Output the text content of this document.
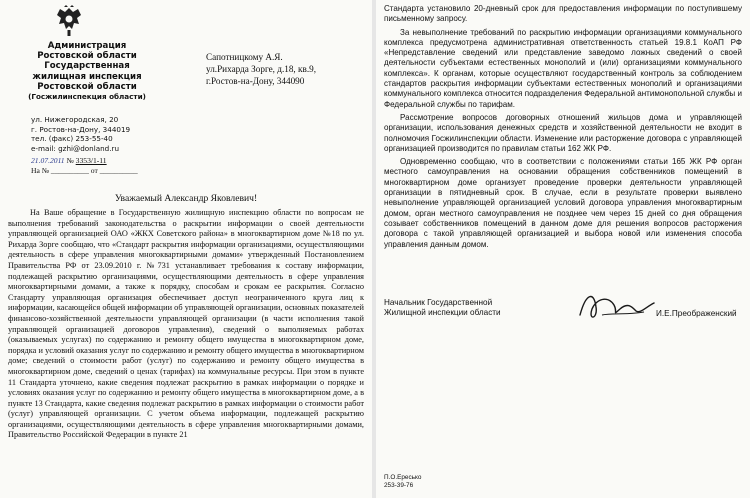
Администрация
Ростовской области
Государственная
жилищная инспекция
Ростовской области
(Госжилинспекция области)
ул. Нижегородская, 20
г. Ростов-на-Дону, 344019
тел. (факс) 253-55-40
e-mail: gzhi@donland.ru
21.07.2011 № 3353/1-11
На № __________ от __________
Сапотницкому А.Я.
ул.Рихарда Зорге, д.18, кв.9,
г.Ростов-на-Дону, 344090
Уважаемый Александр Яковлевич!
На Ваше обращение в Государственную жилищную инспекцию области по вопросам не выполнения требований законодательства о раскрытии информации о своей деятельности управляющей организацией ОАО «ЖКХ Советского района» в многоквартирном доме №18 по ул. Рихарда Зорге сообщаю, что «Стандарт раскрытия информации организациями, осуществляющими деятельность в сфере управления многоквартирными домами» утвержденный Постановлением Правительства РФ от 23.09.2010 г. №731 устанавливает требования к составу информации, подлежащей раскрытию организациями, осуществляющими деятельность в сфере управления многоквартирными домами, а также к порядку, способам и срокам ее раскрытия. Согласно Стандарту управляющая организация обеспечивает доступ неограниченного круга лиц к информации, касающейся общей информации об управляющей организации, основных показателей финансово-хозяйственной деятельности управляющей организации (в части исполнения такой управляющей организацией договоров управления), сведений о выполняемых работах (оказываемых услугах) по содержанию и ремонту общего имущества в многоквартирном доме, порядка и условий оказания услуг по содержанию и ремонту общего имущества в многоквартирном доме; сведений о стоимости работ (услуг) по содержанию и ремонту общего имущества в многоквартирном доме, сведений о ценах (тарифах) на коммунальные ресурсы. При этом в пункте 11 Стандарта уточнено, какие сведения подлежат раскрытию в рамках информации о порядке и условиях оказания услуг по содержанию и ремонту общего имущества в многоквартирном доме, а в пункте 13 Стандарта, какие сведения подлежат раскрытию в рамках информации о стоимости работ (услуг) управляющей организации. С учетом объема информации, подлежащей раскрытию организациями, осуществляющими деятельность в сфере управления многоквартирными домами, Правительство Российской Федерации в пункте 21

Стандарта установило 20-дневный срок для предоставления информации по поступившему письменному запросу.

За невыполнение требований по раскрытию информации организациями коммунального комплекса предусмотрена административная ответственность статьей 19.8.1 КоАП РФ «Непредставление сведений или представление заведомо ложных сведений о своей деятельности субъектами естественных монополий и (или) организациями коммунального комплекса». К органам, которые осуществляют государственный контроль за соблюдением стандартов раскрытия информации субъектами естественных монополий и организациями коммунального комплекса относится подразделения Федеральной антимонопольной службы и Федеральной службы по тарифам.

Рассмотрение вопросов договорных отношений жильцов дома и управляющей организации, использования денежных средств и хозяйственной деятельности не входит в полномочия Госжилинспекции области. Изменение или расторжение договора с управляющей организацией производится по правилам статьи 162 ЖК РФ.

Одновременно сообщаю, что в соответствии с положениями статьи 165 ЖК РФ орган местного самоуправления на основании обращения собственников помещений в многоквартирном доме организует проведение проверки деятельности управляющей организации в пятидневный срок. В случае, если в результате проверки выявлено невыполнение управляющей организацией условий договора управления многоквартирным домом, орган местного самоуправления не позднее чем через 15 дней со дня обращения созывает собственников помещений в данном доме для решения вопросов расторжения договора с такой управляющей организацией и выбора новой или изменения способа управления данным домом.

Начальник Государственной
Жилищной инспекции области	И.Е.Преображенский
П.О.Ересько
253-39-76
